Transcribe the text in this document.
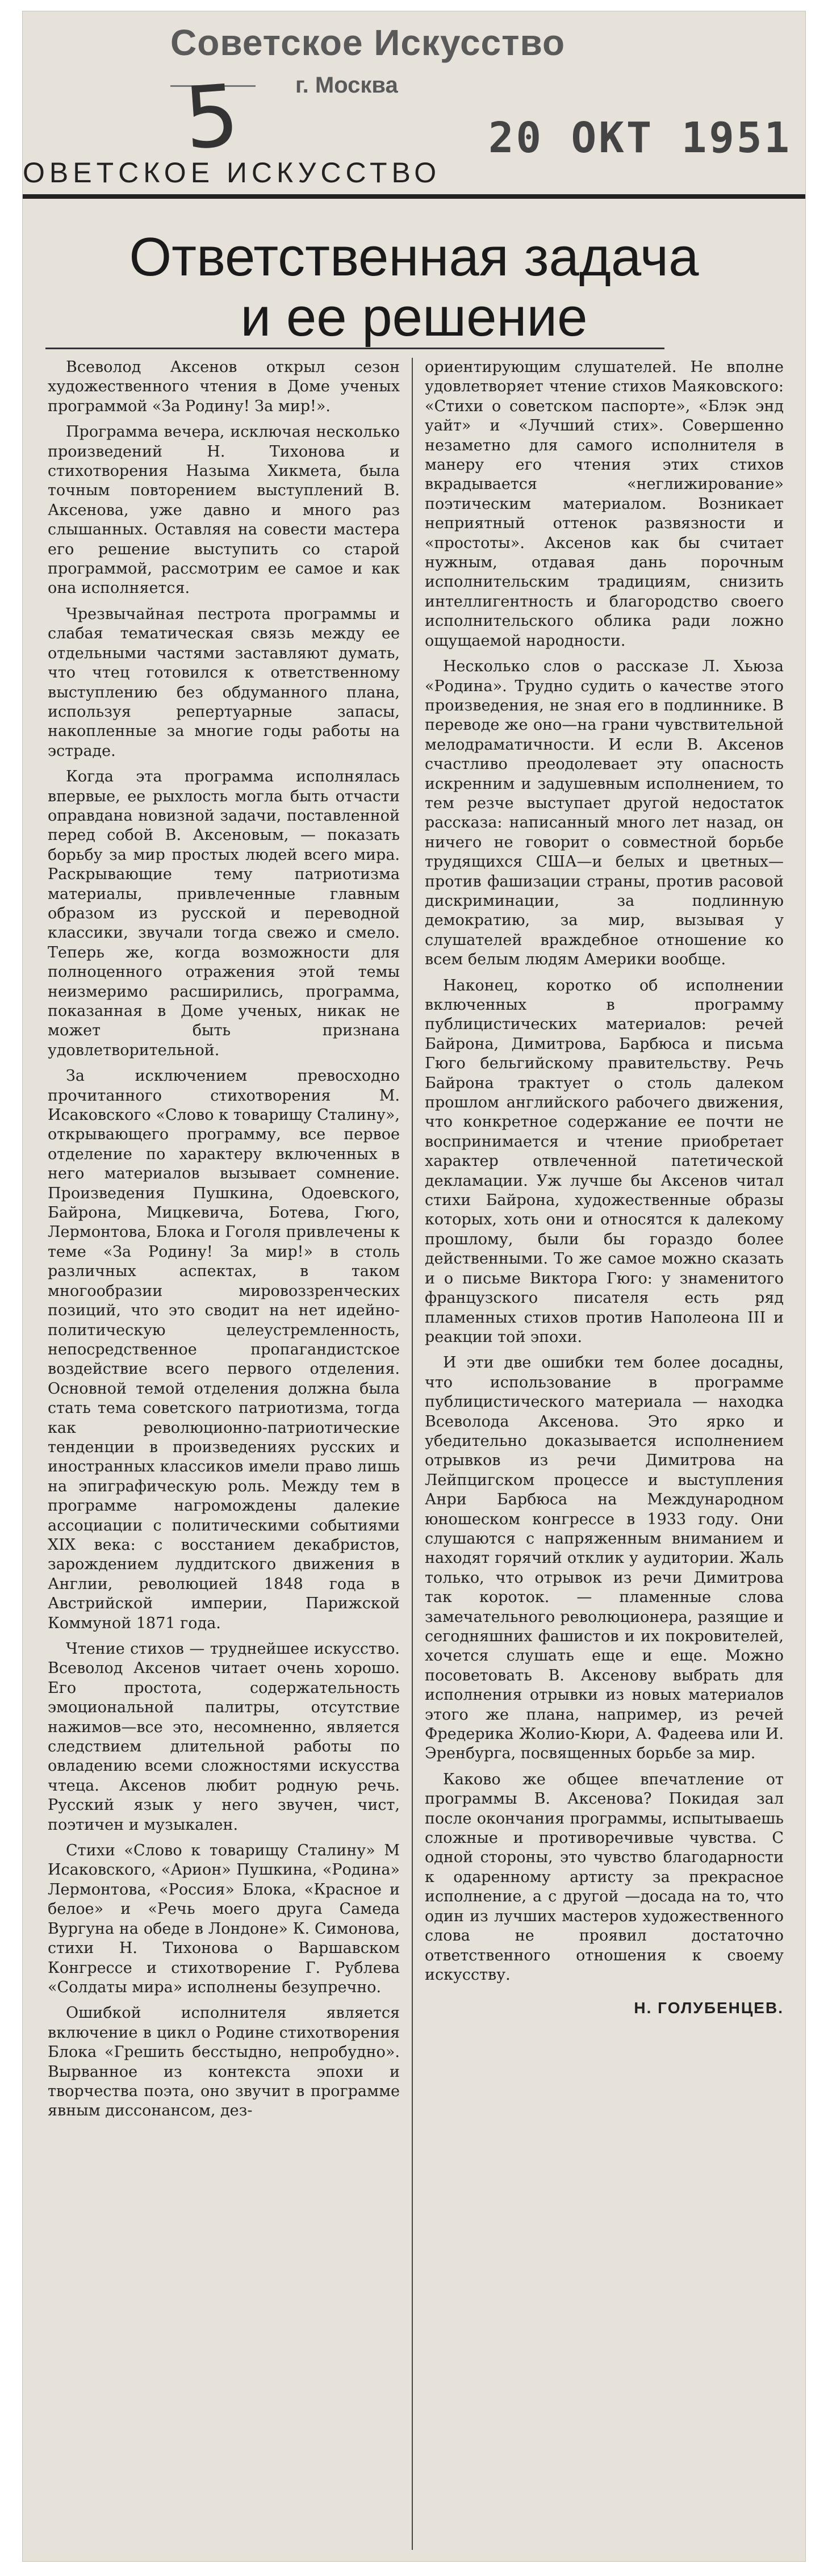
Советское Искусство
5 г. Москва
20 ОКТ 1951
ОВЕТСКОЕ ИСКУССТВО
Ответственная задача
и ее решение

Всеволод Аксенов открыл сезон художественного чтения в Доме ученых программой «За Родину! За мир!».

Программа вечера, исключая несколько произведений Н. Тихонова и стихотворения Назыма Хикмета, была точным повторением выступлений В. Аксенова, уже давно и много раз слышанных. Оставляя на совести мастера его решение выступить со старой программой, рассмотрим ее самое и как она исполняется.

Чрезвычайная пестрота программы и слабая тематическая связь между ее отдельными частями заставляют думать, что чтец готовился к ответственному выступлению без обдуманного плана, используя репертуарные запасы, накопленные за многие годы работы на эстраде.

Когда эта программа исполнялась впервые, ее рыхлость могла быть отчасти оправдана новизной задачи, поставленной перед собой В. Аксеновым, — показать борьбу за мир простых людей всего мира. Раскрывающие тему патриотизма материалы, привлеченные главным образом из русской и переводной классики, звучали тогда свежо и смело. Теперь же, когда возможности для полноценного отражения этой темы неизмеримо расширились, программа, показанная в Доме ученых, никак не может быть признана удовлетворительной.

За исключением превосходно прочитанного стихотворения М. Исаковского «Слово к товарищу Сталину», открывающего программу, все первое отделение по характеру включенных в него материалов вызывает сомнение. Произведения Пушкина, Одоевского, Байрона, Мицкевича, Ботева, Гюго, Лермонтова, Блока и Гоголя привлечены к теме «За Родину! За мир!» в столь различных аспектах, в таком многообразии мировоззренческих позиций, что это сводит на нет идейно-политическую целеустремленность, непосредственное пропагандистское воздействие всего первого отделения. Основной темой отделения должна была стать тема советского патриотизма, тогда как революционно-патриотические тенденции в произведениях русских и иностранных классиков имели право лишь на эпиграфическую роль. Между тем в программе нагромождены далекие ассоциации с политическими событиями XIX века: с восстанием декабристов, зарождением луддитского движения в Англии, революцией 1848 года в Австрийской империи, Парижской Коммуной 1871 года.

Чтение стихов — труднейшее искусство. Всеволод Аксенов читает очень хорошо. Его простота, содержательность эмоциональной палитры, отсутствие нажимов—все это, несомненно, является следствием длительной работы по овладению всеми сложностями искусства чтеца. Аксенов любит родную речь. Русский язык у него звучен, чист, поэтичен и музыкален.

Стихи «Слово к товарищу Сталину» М Исаковского, «Арион» Пушкина, «Родина» Лермонтова, «Россия» Блока, «Красное и белое» и «Речь моего друга Самеда Вургуна на обеде в Лондоне» К. Симонова, стихи Н. Тихонова о Варшавском Конгрессе и стихотворение Г. Рублева «Солдаты мира» исполнены безупречно.

Ошибкой исполнителя является включение в цикл о Родине стихотворения Блока «Грешить бесстыдно, непробудно». Вырванное из контекста эпохи и творчества поэта, оно звучит в программе явным диссонансом, дез-

ориентирующим слушателей. Не вполне удовлетворяет чтение стихов Маяковского: «Стихи о советском паспорте», «Блэк энд уайт» и «Лучший стих». Совершенно незаметно для самого исполнителя в манеру его чтения этих стихов вкрадывается «неглижирование» поэтическим материалом. Возникает неприятный оттенок развязности и «простоты». Аксенов как бы считает нужным, отдавая дань порочным исполнительским традициям, снизить интеллигентность и благородство своего исполнительского облика ради ложно ощущаемой народности.

Несколько слов о рассказе Л. Хьюза «Родина». Трудно судить о качестве этого произведения, не зная его в подлиннике. В переводе же оно—на грани чувствительной мелодраматичности. И если В. Аксенов счастливо преодолевает эту опасность искренним и задушевным исполнением, то тем резче выступает другой недостаток рассказа: написанный много лет назад, он ничего не говорит о совместной борьбе трудящихся США—и белых и цветных—против фашизации страны, против расовой дискриминации, за подлинную демократию, за мир, вызывая у слушателей враждебное отношение ко всем белым людям Америки вообще.

Наконец, коротко об исполнении включенных в программу публицистических материалов: речей Байрона, Димитрова, Барбюса и письма Гюго бельгийскому правительству. Речь Байрона трактует о столь далеком прошлом английского рабочего движения, что конкретное содержание ее почти не воспринимается и чтение приобретает характер отвлеченной патетической декламации. Уж лучше бы Аксенов читал стихи Байрона, художественные образы которых, хоть они и относятся к далекому прошлому, были бы гораздо более действенными. То же самое можно сказать и о письме Виктора Гюго: у знаменитого французского писателя есть ряд пламенных стихов против Наполеона III и реакции той эпохи.

И эти две ошибки тем более досадны, что использование в программе публицистического материала — находка Всеволода Аксенова. Это ярко и убедительно доказывается исполнением отрывков из речи Димитрова на Лейпцигском процессе и выступления Анри Барбюса на Международном юношеском конгрессе в 1933 году. Они слушаются с напряженным вниманием и находят горячий отклик у аудитории. Жаль только, что отрывок из речи Димитрова так короток. — пламенные слова замечательного революционера, разящие и сегодняшних фашистов и их покровителей, хочется слушать еще и еще. Можно посоветовать В. Аксенову выбрать для исполнения отрывки из новых материалов этого же плана, например, из речей Фредерика Жолио-Кюри, А. Фадеева или И. Эренбурга, посвященных борьбе за мир.

Каково же общее впечатление от программы В. Аксенова? Покидая зал после окончания программы, испытываешь сложные и противоречивые чувства. С одной стороны, это чувство благодарности к одаренному артисту за прекрасное исполнение, а с другой —досада на то, что один из лучших мастеров художественного слова не проявил достаточно ответственного отношения к своему искусству.

Н. ГОЛУБЕНЦЕВ.
